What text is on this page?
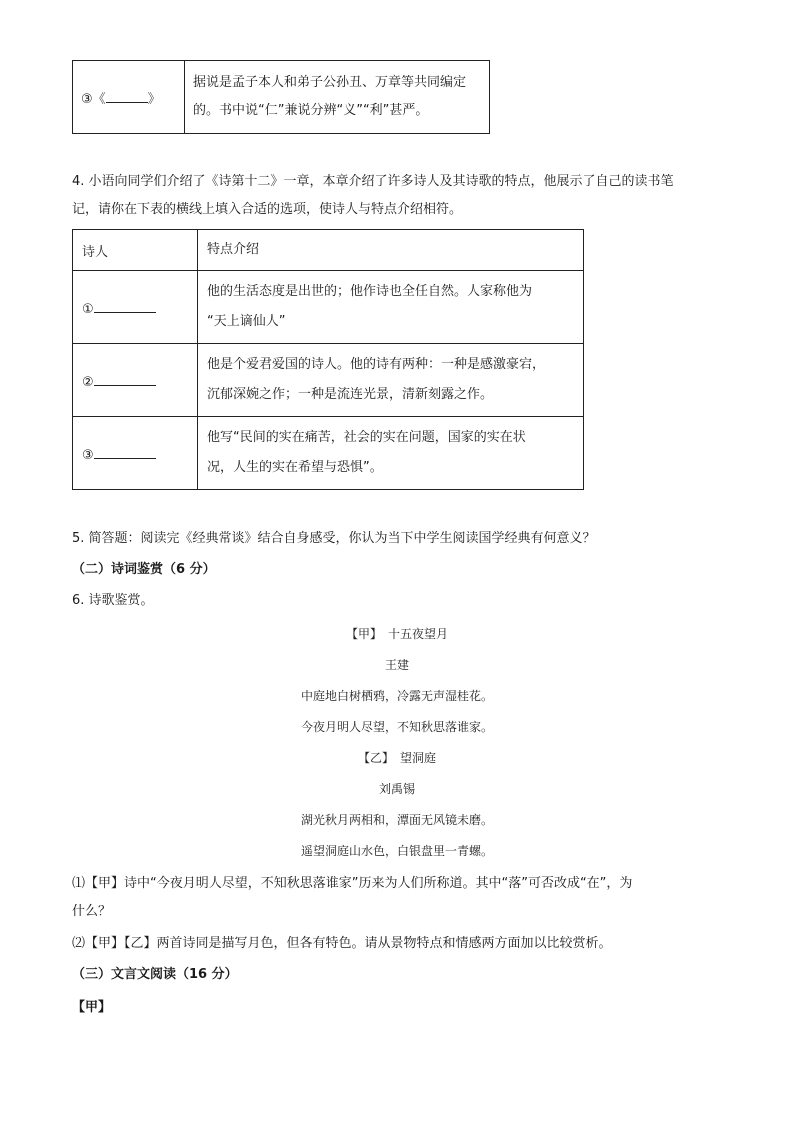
③《	》	据说是孟子本人和弟子公孙丑、万章等共同编定的。书中说“仁”兼说分辨“义”“利”甚严。
4. 小语向同学们介绍了《诗第十二》一章，本章介绍了许多诗人及其诗歌的特点，他展示了自己的读书笔
记，请你在下表的横线上填入合适的选项，使诗人与特点介绍相符。
诗人	特点介绍
①	他的生活态度是出世的；他作诗也全任自然。人家称他为
“天上谪仙人”

②	他是个爱君爱国的诗人。他的诗有两种：一种是感激豪宕，
沉郁深婉之作；一种是流连光景，清新刻露之作。

③	他写“民间的实在痛苦，社会的实在问题，国家的实在状
况，人生的实在希望与恐惧”。
5. 简答题：阅读完《经典常谈》结合自身感受，你认为当下中学生阅读国学经典有何意义？
（二）诗词鉴赏（6 分）
6. 诗歌鉴赏。
【甲】　十五夜望月
王建
中庭地白树栖鸦，冷露无声湿桂花。
今夜月明人尽望，不知秋思落谁家。
【乙】　望洞庭
刘禹锡
湖光秋月两相和，潭面无风镜未磨。
遥望洞庭山水色，白银盘里一青螺。
⑴【甲】诗中“今夜月明人尽望，不知秋思落谁家”历来为人们所称道。其中“落”可否改成“在”，为
什么？
⑵【甲】【乙】两首诗同是描写月色，但各有特色。请从景物特点和情感两方面加以比较赏析。
（三）文言文阅读（16 分）
【甲】
